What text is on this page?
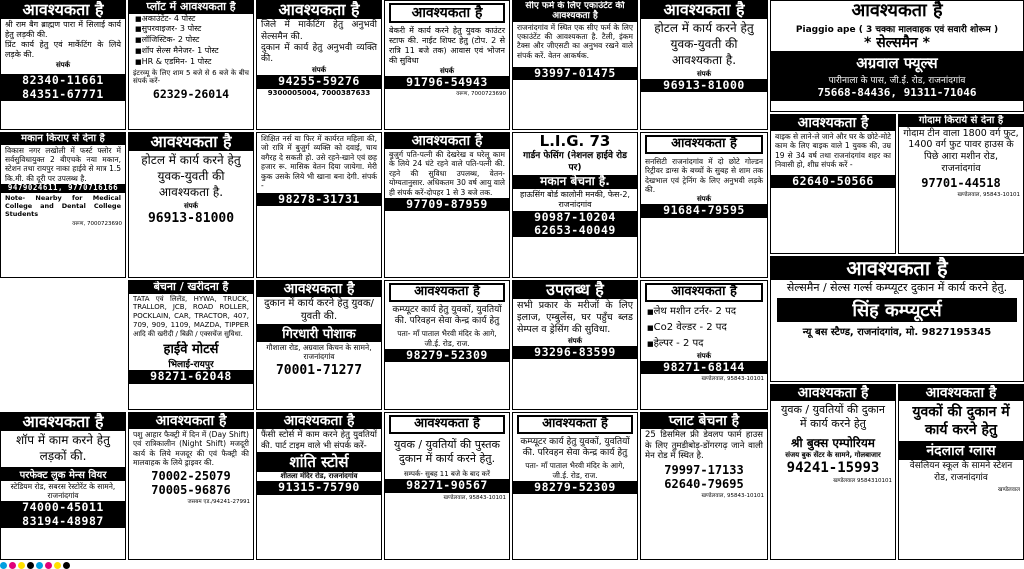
आवश्यकता है
श्री राम बैग ब्राह्मण पारा में सिलाई कार्य हेतु लड़की की.
प्रिंट कार्य हेतु एवं मार्केटिंग के लिये लड़के की.
संपर्क
82340-11661
84351-67771
प्लॉट में आवश्यकता है
■ अकाउंटेंट- 4 पोस्ट
■ सुपरवाइजर- 3 पोस्ट
■ लॉजिस्टिक- 2 पोस्ट
■ शॉप सेल्स मैनेजर- 1 पोस्ट
■ HR & एडमिन- 1 पोस्ट
इंटरव्यू के लिए शाम 5 बजे से 6 बजे के बीच संपर्क करें-
62329-26014
आवश्यकता है
जिले में मार्केटिंग हेतु अनुभवी सेल्समैन की.
दुकान में कार्य हेतु अनुभवी व्यक्ति की.
संपर्क
94255-59276
9300005004, 7000387633
आवश्यकता है
बेकरी में कार्य करने हेतु युवक काउंटर स्टाफ की. नाईट शिफ्ट हेतु (टोप. 2 से रात्रि 11 बजे तक) आवास एवं भोजन की सुविधा
संपर्क
91796-54943
वरूण, 7000723690
सीए फर्म के लिए एकाउंटेंट की आवश्यकता है
राजनांदगांव में स्थित एक सीए फर्म के लिए एकाउंटेंट की आवश्यकता है. टैली, इंकम टैक्स और जीएसटी का अनुभव रखने वाले संपर्क करें. वेतन आकर्षक.
93997-01475
आवश्यकता है
होटल में कार्य करने हेतु युवक-युवती की आवश्यकता है.
संपर्क
96913-81000
आवश्यकता है
Piaggio ape ( 3 चक्का मालवाहक एवं सवारी शोरूम )
* सेल्समैन *
अग्रवाल फ्यूल्स
पारीनाला के पास, जी.ई. रोड, राजनांदगांव
75668-84436, 91311-71046
मकान किराए से देना है
विकास नगर लखोली में फर्स्ट फ्लोर में सर्वसुविधायुक्त 2 बीएचके नया मकान, स्टेशन तथा रायपुर नाका हाईवे से मात्र 1.5 कि.मी. की दूरी पर उपलब्ध है.
9479024611, 9770716166
Note- Nearby for Medical College and Dental College Students
वरूण, 7000723690
आवश्यकता है
होटल में कार्य करने हेतु युवक-युवती की आवश्यकता है.
संपर्क
96913-81000
शिक्षित नर्स या फिर में कार्यरत महिला की, जो रात्रि में बुजुर्ग व्यक्ति को दवाई, चाय वगैरह दे सकती हो. उसे रहने-खाने एवं छह हजार रू. मासिक वेतन दिया जायेगा. मेरी कुक उसके लिये भी खाना बना देगी. संपर्क -
98278-31731
आवश्यकता है
बुजुर्ग पति-पत्नी की देखरेख व घरेलू काम के लिये 24 घंटे रहने वाले पति-पत्नी की. रहने की सुविधा उपलब्ध, वेतन-योग्यतानुसार. अधिकतम 30 वर्ष आयु वाले ही संपर्क करें-दोपहर 1 से 3 बजे तक.
97709-87959
L.I.G. 73
गार्डन फेसिंग (नेशनल हाईवे रोड पर)
मकान बेचना है.
हाऊसिंग बोर्ड कालोनी मनकी, फेस-2, राजनांदगांव
90987-10204
62653-40049
आवश्यकता है
सनसिटी राजनांदगांव में दो छोटे गोल्डन रिट्रीवर डाग्स के बच्चों के सुबह से शाम तक देखभाल एवं ट्रेनिंग के लिए अनुभवी लड़के की.
संपर्क
91684-79595
आवश्यकता है
बाइक से लाने-ले जाने और घर के छोटे-मोटे काम के लिए बाइक वाले 1 युवक की, उम्र 19 से 34 वर्ष तथा राजनांदगांव शहर का निवासी हो, शीघ्र संपर्क करें -
62640-50566
गोदाम किराये से देना है
गोदाम टीन वाला 1800 वर्ग फुट, 1400 वर्ग फुट पावर हाउस के पिछे आरा मशीन रोड, राजनांदगांव
97701-44518
खण्डेलवाल, 95843-10101
बेचना / खरीदना है
TATA एवं लिलेंड, HYWA, TRUCK, TRALLOR, JCB, ROAD ROLLER, POCKLAIN, CAR, TRACTOR, 407, 709, 909, 1109, MAZDA, TIPPER आदि की खरीदी / बिक्री / एक्सचेंज सुविधा.
हाईवे मोटर्स
भिलाई-रायपुर
98271-62048
आवश्यकता है
दुकान में कार्य करने हेतु युवक/युवती की.
गिरधारी पोशाक
गौशाला रोड, अग्रवाल किचन के सामने, राजनांदगांव
70001-71277
आवश्यकता है
कम्प्यूटर कार्य हेतु युवकों, युवतियों की. परिवहन सेवा केन्द्र कार्य हेतु
पता- माँ पाताल भैरवी मंदिर के आगे, जी.ई. रोड, राज.
98279-52309
उपलब्ध है
सभी प्रकार के मरीजों के लिए इलाज, एम्बुलेंस, घर पहुँच ब्लड सेम्पल व ड्रेसिंग की सुविधा.
संपर्क
93296-83599
आवश्यकता है
■ लेथ मशीन टर्नर- 2 पद
■ Co2 वेल्डर - 2 पद
■ हेल्पर - 2 पद
संपर्क
98271-68144
खण्डेलवाल, 95843-10101
आवश्यकता है
सेल्समैन / सेल्स गर्ल्स कम्प्यूटर दुकान में कार्य करने हेतु.
सिंह कम्प्यूटर्स
न्यू बस स्टैण्ड, राजनांदगांव, मो. 9827195345
आवश्यकता है
शॉप में काम करने हेतु लड़कों की.
परफेक्ट लुक मेन्स वियर
स्टेडियम रोड, सबरस रेस्टोरेंट के सामने, राजनांदगांव
74000-45011
83194-48987
आवश्यकता है
पशु आहार फैक्ट्री में दिन में (Day Shift) एवं रात्रिकालीन (Night Shift) मजदूरी कार्य के लिये मजदूर की एवं फैक्ट्री की मालवाहक के लिये ड्राइवर की.
70002-25079
70005-96876
जसबम एड./94241-27991
आवश्यकता है
फैंसी स्टोर्स में काम करने हेतु युवतियों की. पार्ट टाइम वाले भी संपर्क करें-
शांति स्टोर्स
शीतला मंदिर रोड, राजनांदगांव
91315-75790
आवश्यकता है
युवक / युवतियों की पुस्तक दुकान में कार्य करने हेतु.
सम्पर्क- सुबह 11 बजे के बाद करें
98271-90567
खण्डेलवाल, 95843-10101
आवश्यकता है
कम्प्यूटर कार्य हेतु युवकों, युवतियों की. परिवहन सेवा केन्द्र कार्य हेतु
पता- माँ पाताल भैरवी मंदिर के आगे, जी.ई. रोड, राज.
98279-52309
प्लाट बेचना है
25 डिसमिल फ्री डेवलप फार्म हाउस के लिए तुमडीबोड़-डोंगरगढ़ जाने वाली मेन रोड में स्थित है.
79997-17133
62640-79695
खण्डेलवाल, 95843-10101
आवश्यकता है
युवक / युवतियों की दुकान में कार्य करने हेतु
श्री बुक्स एम्पोरियम
संजय बुक सेंटर के सामने, गोलबाजार
94241-15993
खण्डेलवाल 9584310101
आवश्यकता है
युवकों की दुकान में कार्य करने हेतु
नंदलाल ग्लास
वेसलियन स्कूल के सामने स्टेशन रोड, राजनांदगांव
खण्डेलवाल
